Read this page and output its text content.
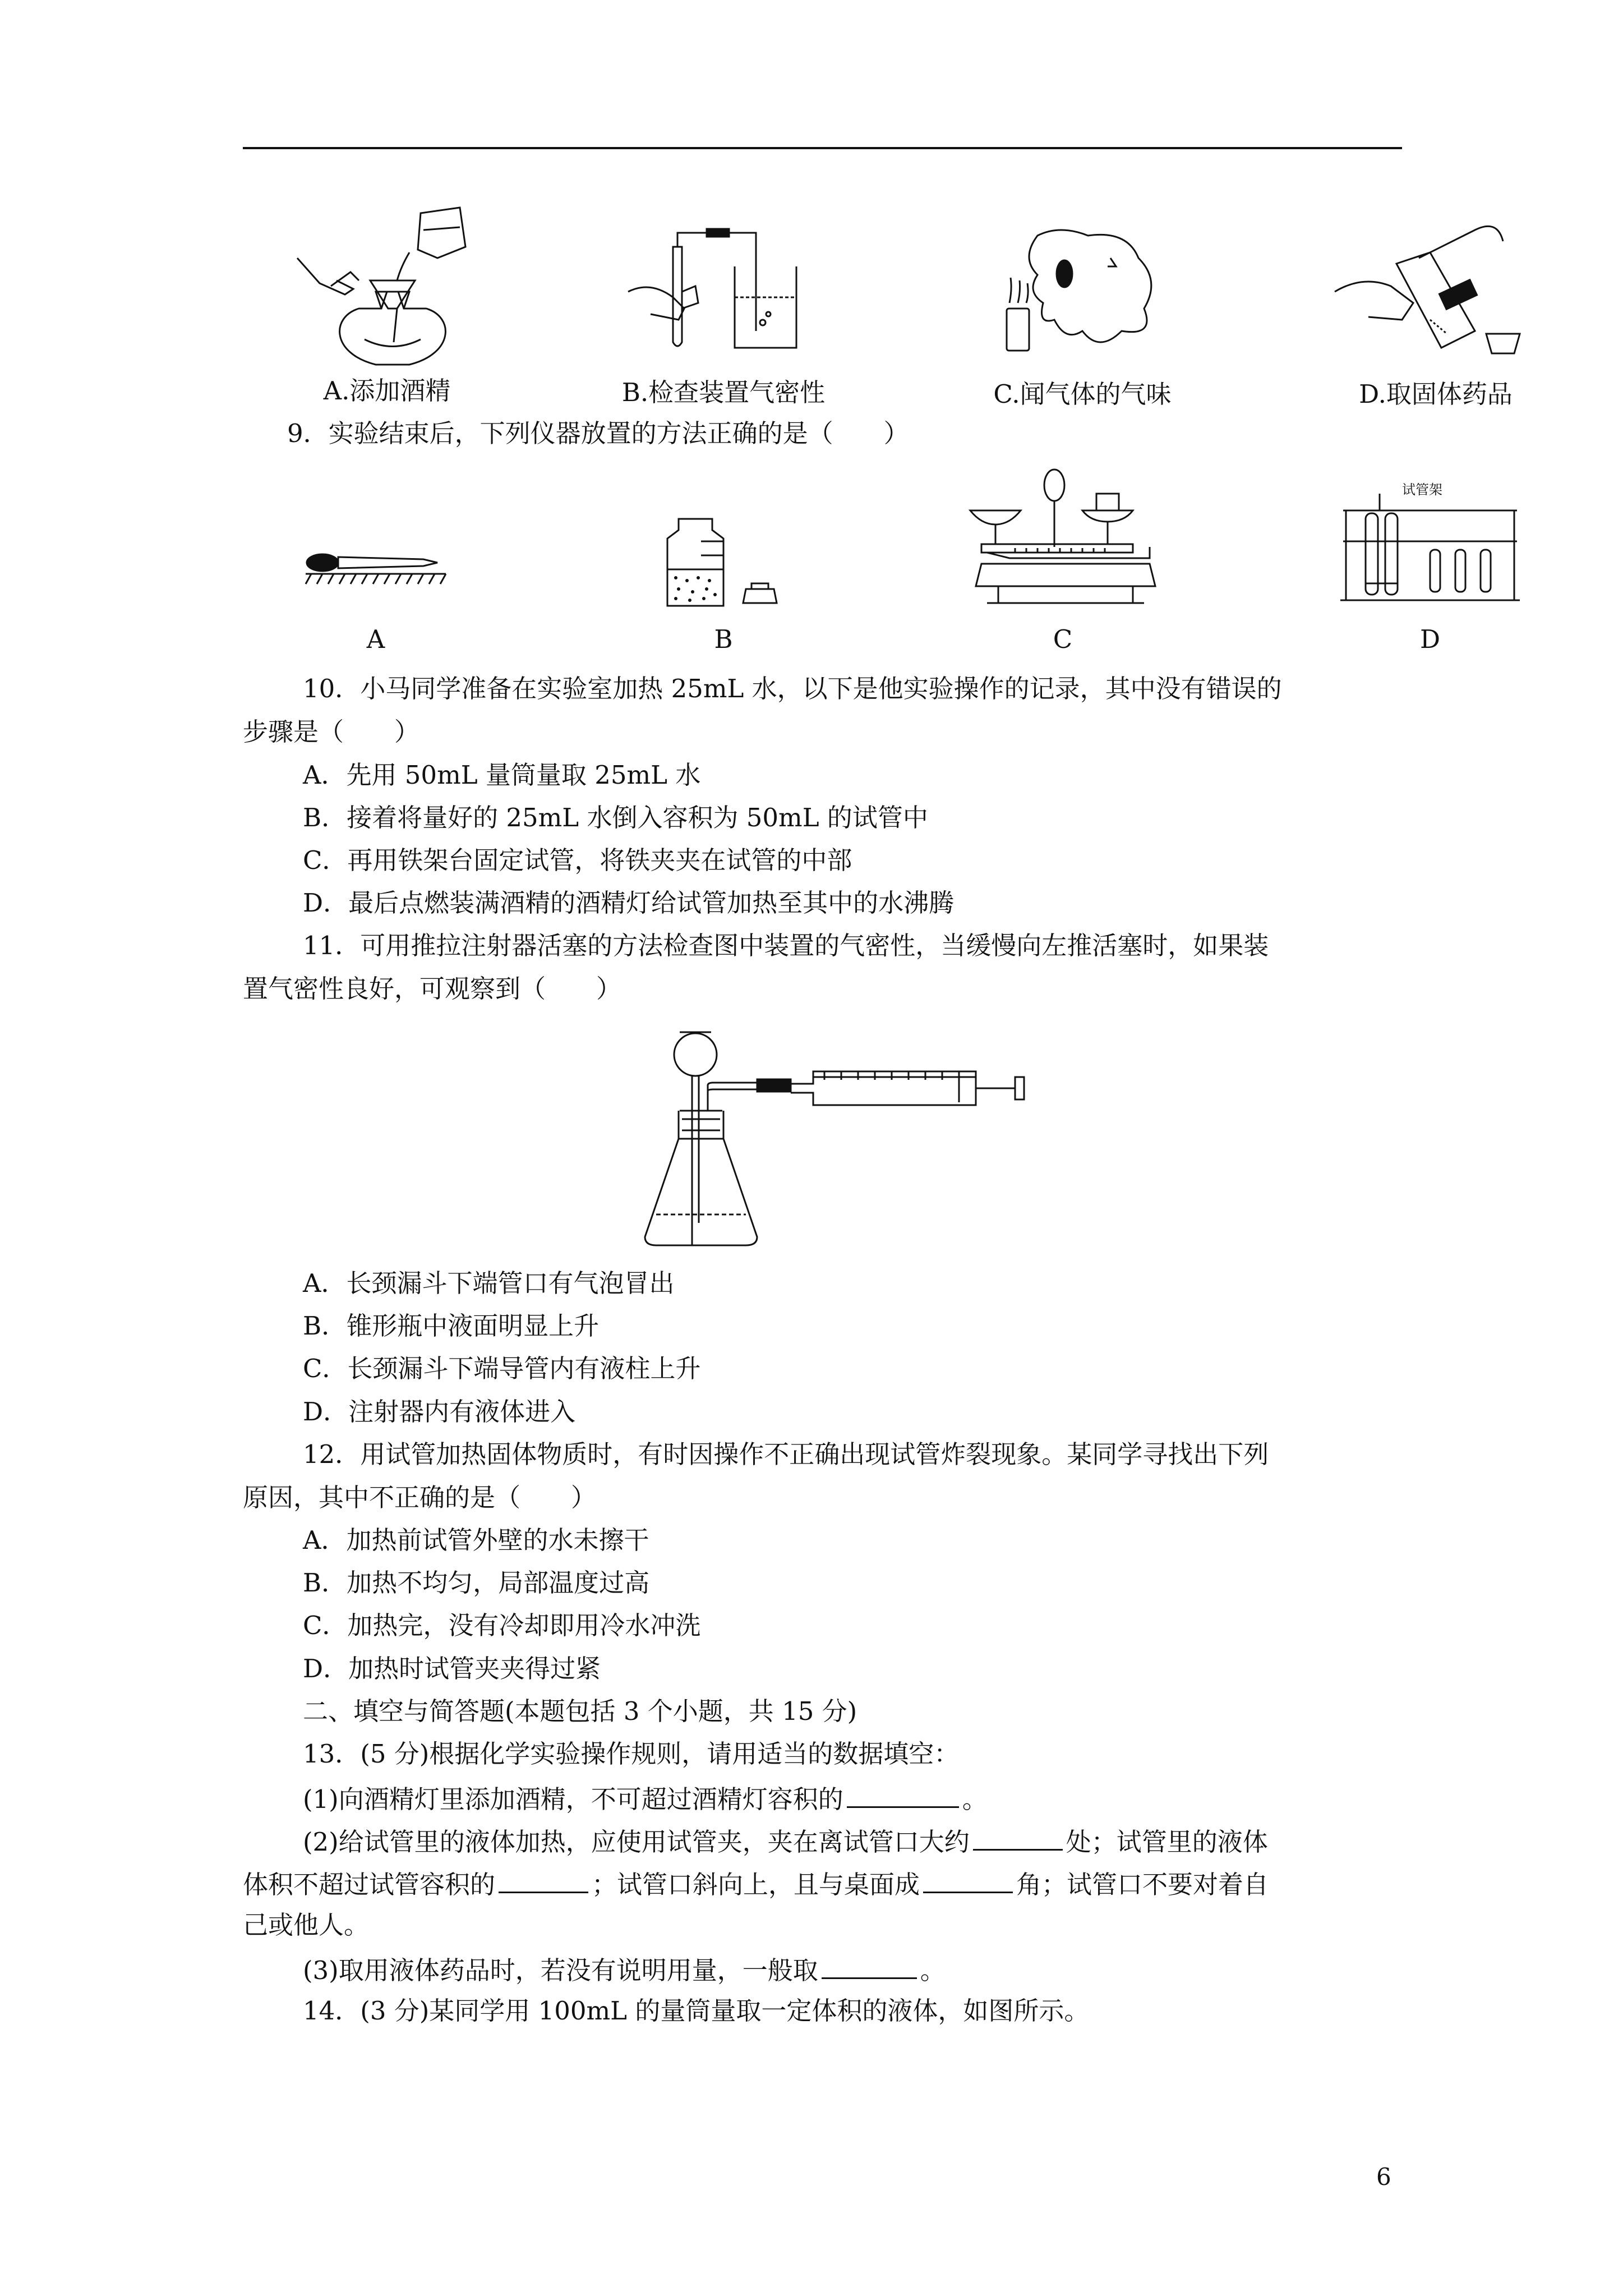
A.添加酒精	B.检查装置气密性	C.闻气体的气味	D.取固体药品
9．实验结束后，下列仪器放置的方法正确的是（　　）
试管架
A	B	C	D
10．小马同学准备在实验室加热 25mL 水，以下是他实验操作的记录，其中没有错误的
步骤是（　　）
A．先用 50mL 量筒量取 25mL 水
B．接着将量好的 25mL 水倒入容积为 50mL 的试管中
C．再用铁架台固定试管，将铁夹夹在试管的中部
D．最后点燃装满酒精的酒精灯给试管加热至其中的水沸腾
11．可用推拉注射器活塞的方法检查图中装置的气密性，当缓慢向左推活塞时，如果装
置气密性良好，可观察到（　　）
A．长颈漏斗下端管口有气泡冒出
B．锥形瓶中液面明显上升
C．长颈漏斗下端导管内有液柱上升
D．注射器内有液体进入
12．用试管加热固体物质时，有时因操作不正确出现试管炸裂现象。某同学寻找出下列
原因，其中不正确的是（　　）
A．加热前试管外壁的水未擦干
B．加热不均匀，局部温度过高
C．加热完，没有冷却即用冷水冲洗
D．加热时试管夹夹得过紧
二、填空与简答题(本题包括 3 个小题，共 15 分)
13．(5 分)根据化学实验操作规则，请用适当的数据填空：
(1)向酒精灯里添加酒精，不可超过酒精灯容积的	。
(2)给试管里的液体加热，应使用试管夹，夹在离试管口大约	处；试管里的液体
体积不超过试管容积的	；试管口斜向上，且与桌面成	角；试管口不要对着自
己或他人。
(3)取用液体药品时，若没有说明用量，一般取	。
14．(3 分)某同学用 100mL 的量筒量取一定体积的液体，如图所示。
6
